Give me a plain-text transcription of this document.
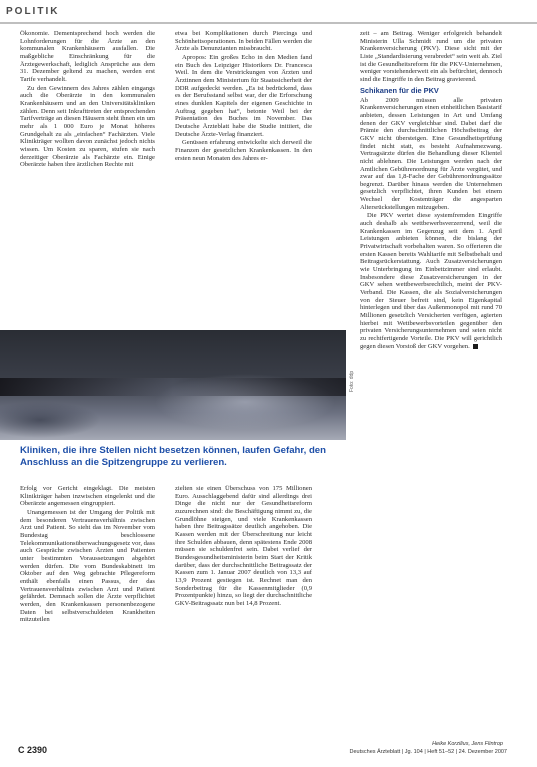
POLITIK

Ökonomie. Dementsprechend hoch werden die Lohnforderungen für die Ärzte an den kommunalen Krankenhäusern ausfallen. Die maßgebliche Einschränkung für die Ärztegewerkschaft, lediglich Ansprüche aus dem 31. Dezember geltend zu machen, werden erst Tarife verhandelt.

Zu den Gewinnern des Jahres zählen eingangs auch die Oberärzte in den kommunalen Krankenhäusern und an den Universitätskliniken zählen. Denn seit Inkrafttreten der entsprechenden Tarifverträge an diesen Häusern steht ihnen ein um mehr als 1 000 Euro je Monat höheres Grundgehalt zu als „einfachen“ Fachärzten. Viele Klinikträger wollten davon zunächst jedoch nichts wissen. Um Kosten zu sparen, stufen sie nach derzeitiger Oberärzte als Fachärzte ein. Einige Oberärzte haben ihre ärztlichen Rechte mit

etwa bei Komplikationen durch Piercings und Schönheitsoperationen. In beiden Fällen werden die Ärzte als Denunzianten missbraucht.

Apropos: Ein großes Echo in den Medien fand ein Buch des Leipziger Historikers Dr. Francesca Weil. In dem die Verstrickungen von Ärzten und Ärztinnen dem Ministerium für Staatssicherheit der DDR aufgedeckt werden. „Es ist bedrückend, dass es der Berufsstand selbst war, der die Erforschung eines dunklen Kapitels der eigenen Geschichte in Auftrag gegeben hat“, betonte Weil bei der Präsentation des Buches im November. Das Deutsche Ärzteblatt habe die Studie initiiert, die Deutsche Ärzte-Verlag finanziert.

Genüssen erfahrung entwickelte sich derweil die Finanzen der gesetzlichen Krankenkassen. In den ersten neun Monaten des Jahres er-

zeit – am Beitrag. Weniger erfolgreich behandelt Ministerin Ulla Schmidt rund um die privaten Krankenversicherung (PKV). Diese sicht mit der Liste „Standardisierung verabredet“ sein weit ab. Ziel ist die Gesundheitsreform für die PKV-Unternehmen, weniger vorstehenderweit ein als befürchtet, dennoch sind die Eingriffe in den Beitrag gravierend.

Schikanen für die PKV

Ab 2009 müssen alle privaten Krankenversicherungen einen einheitlichen Basistarif anbieten, dessen Leistungen in Art und Umfang denen der GKV vergleichbar sind. Dabei darf die Prämie den durchschnittlichen Höchstbeitrag der GKV nicht übersteigen. Eine Gesundheitsprüfung findet nicht statt, es besteht Aufnahmezwang. Vertragsärzte dürfen die Behandlung dieser Klientel nicht ablehnen. Die Leistungen werden nach der Amtlichen Gebührenordnung für Ärzte vergütet, und zwar auf das 1,8-Fache der Gebührenordnungssätze begrenzt. Darüber hinaus werden die Unternehmen gesetzlich verpflichtet, ihren Kunden bei einem Wechsel der Kostenträger die angesparten Altersrückstellungen mitzugeben.

Die PKV wertet diese systemfremden Eingriffe auch deshalb als wettbewerbsverzerrend, weil die Krankenkassen im Gegenzug seit dem 1. April Leistungen anbieten können, die bislang der Privatwirtschaft vorbehalten waren. So offerieren die ersten Kassen bereits Wahltarife mit Selbstbehalt und Beitragsrückerstattung. Auch Zusatzversicherungen wie Unterbringung im Einbettzimmer sind erlaubt. Insbesondere diese Zusatzversicherungen in der GKV sehen wettbewerbsrechtlich, meint der PKV-Verband. Die Kassen, die als Sozialversicherungen von der Steuer befreit sind, kein Eigenkapital hinterlegen und über das Außenmonopol mit rund 70 Millionen gesetzlich Versicherten verfügen, agierten hierbei mit Wettbewerbsvorteilen gegenüber den privaten Versicherungsunternehmen und seien nicht zu rechtfertigende Vorteile. Die PKV will gerichtlich gegen diesen Vorstoß der GKV vorgehen.

Foto: ddp
Kliniken, die ihre Stellen nicht besetzen können, laufen Gefahr, den Anschluss an die Spitzengruppe zu verlieren.

Erfolg vor Gericht eingeklagt. Die meisten Klinikträger haben inzwischen eingelenkt und die Oberärzte angemessen eingruppiert.

Unangemessen ist der Umgang der Politik mit dem besonderen Vertrauensverhältnis zwischen Arzt und Patient. So sieht das im November vom Bundestag beschlossene Telekommunikationsüberwachungsgesetz vor, dass auch Gespräche zwischen Ärzten und Patienten unter bestimmten Voraussetzungen abgehört werden dürfen. Die vom Bundeskabinett im Oktober auf den Weg gebrachte Pflegereform enthält ebenfalls einen Passus, der das Vertrauensverhältnis zwischen Arzt und Patient gefährdet. Demnach sollen die Ärzte verpflichtet werden, den Krankenkassen personenbezogene Daten bei selbstverschuldeten Krankheiten mitzuteilen

zielten sie einen Überschuss von 175 Millionen Euro. Ausschlaggebend dafür sind allerdings drei Dinge die nicht nur der Gesundheitsreform zuzurechnen sind: die Beschäftigung nimmt zu, die Grundlöhne steigen, und viele Krankenkassen haben ihre Beitragssätze deutlich angehoben. Die Kassen werden mit der Überschreitung nur leicht ihre Schulden abbauen, denn spätestens Ende 2008 müssen sie schuldenfrei sein. Dabei verlief der Bundesgesundheitsministerin beim Start der Kritik darüber, dass der durchschnittliche Beitragssatz der Kassen zum 1. Januar 2007 deutlich von 13,3 auf 13,9 Prozent gestiegen ist. Rechnet man den Sonderbeitrag für die Kassenmitglieder (0,9 Prozentpunkte) hinzu, so liegt der durchschnittliche GKV-Beitragssatz nun bei 14,8 Prozent.

Heike Korzilius, Jens Flintrop
C 2390	Deutsches Ärzteblatt | Jg. 104 | Heft 51–52 | 24. Dezember 2007
